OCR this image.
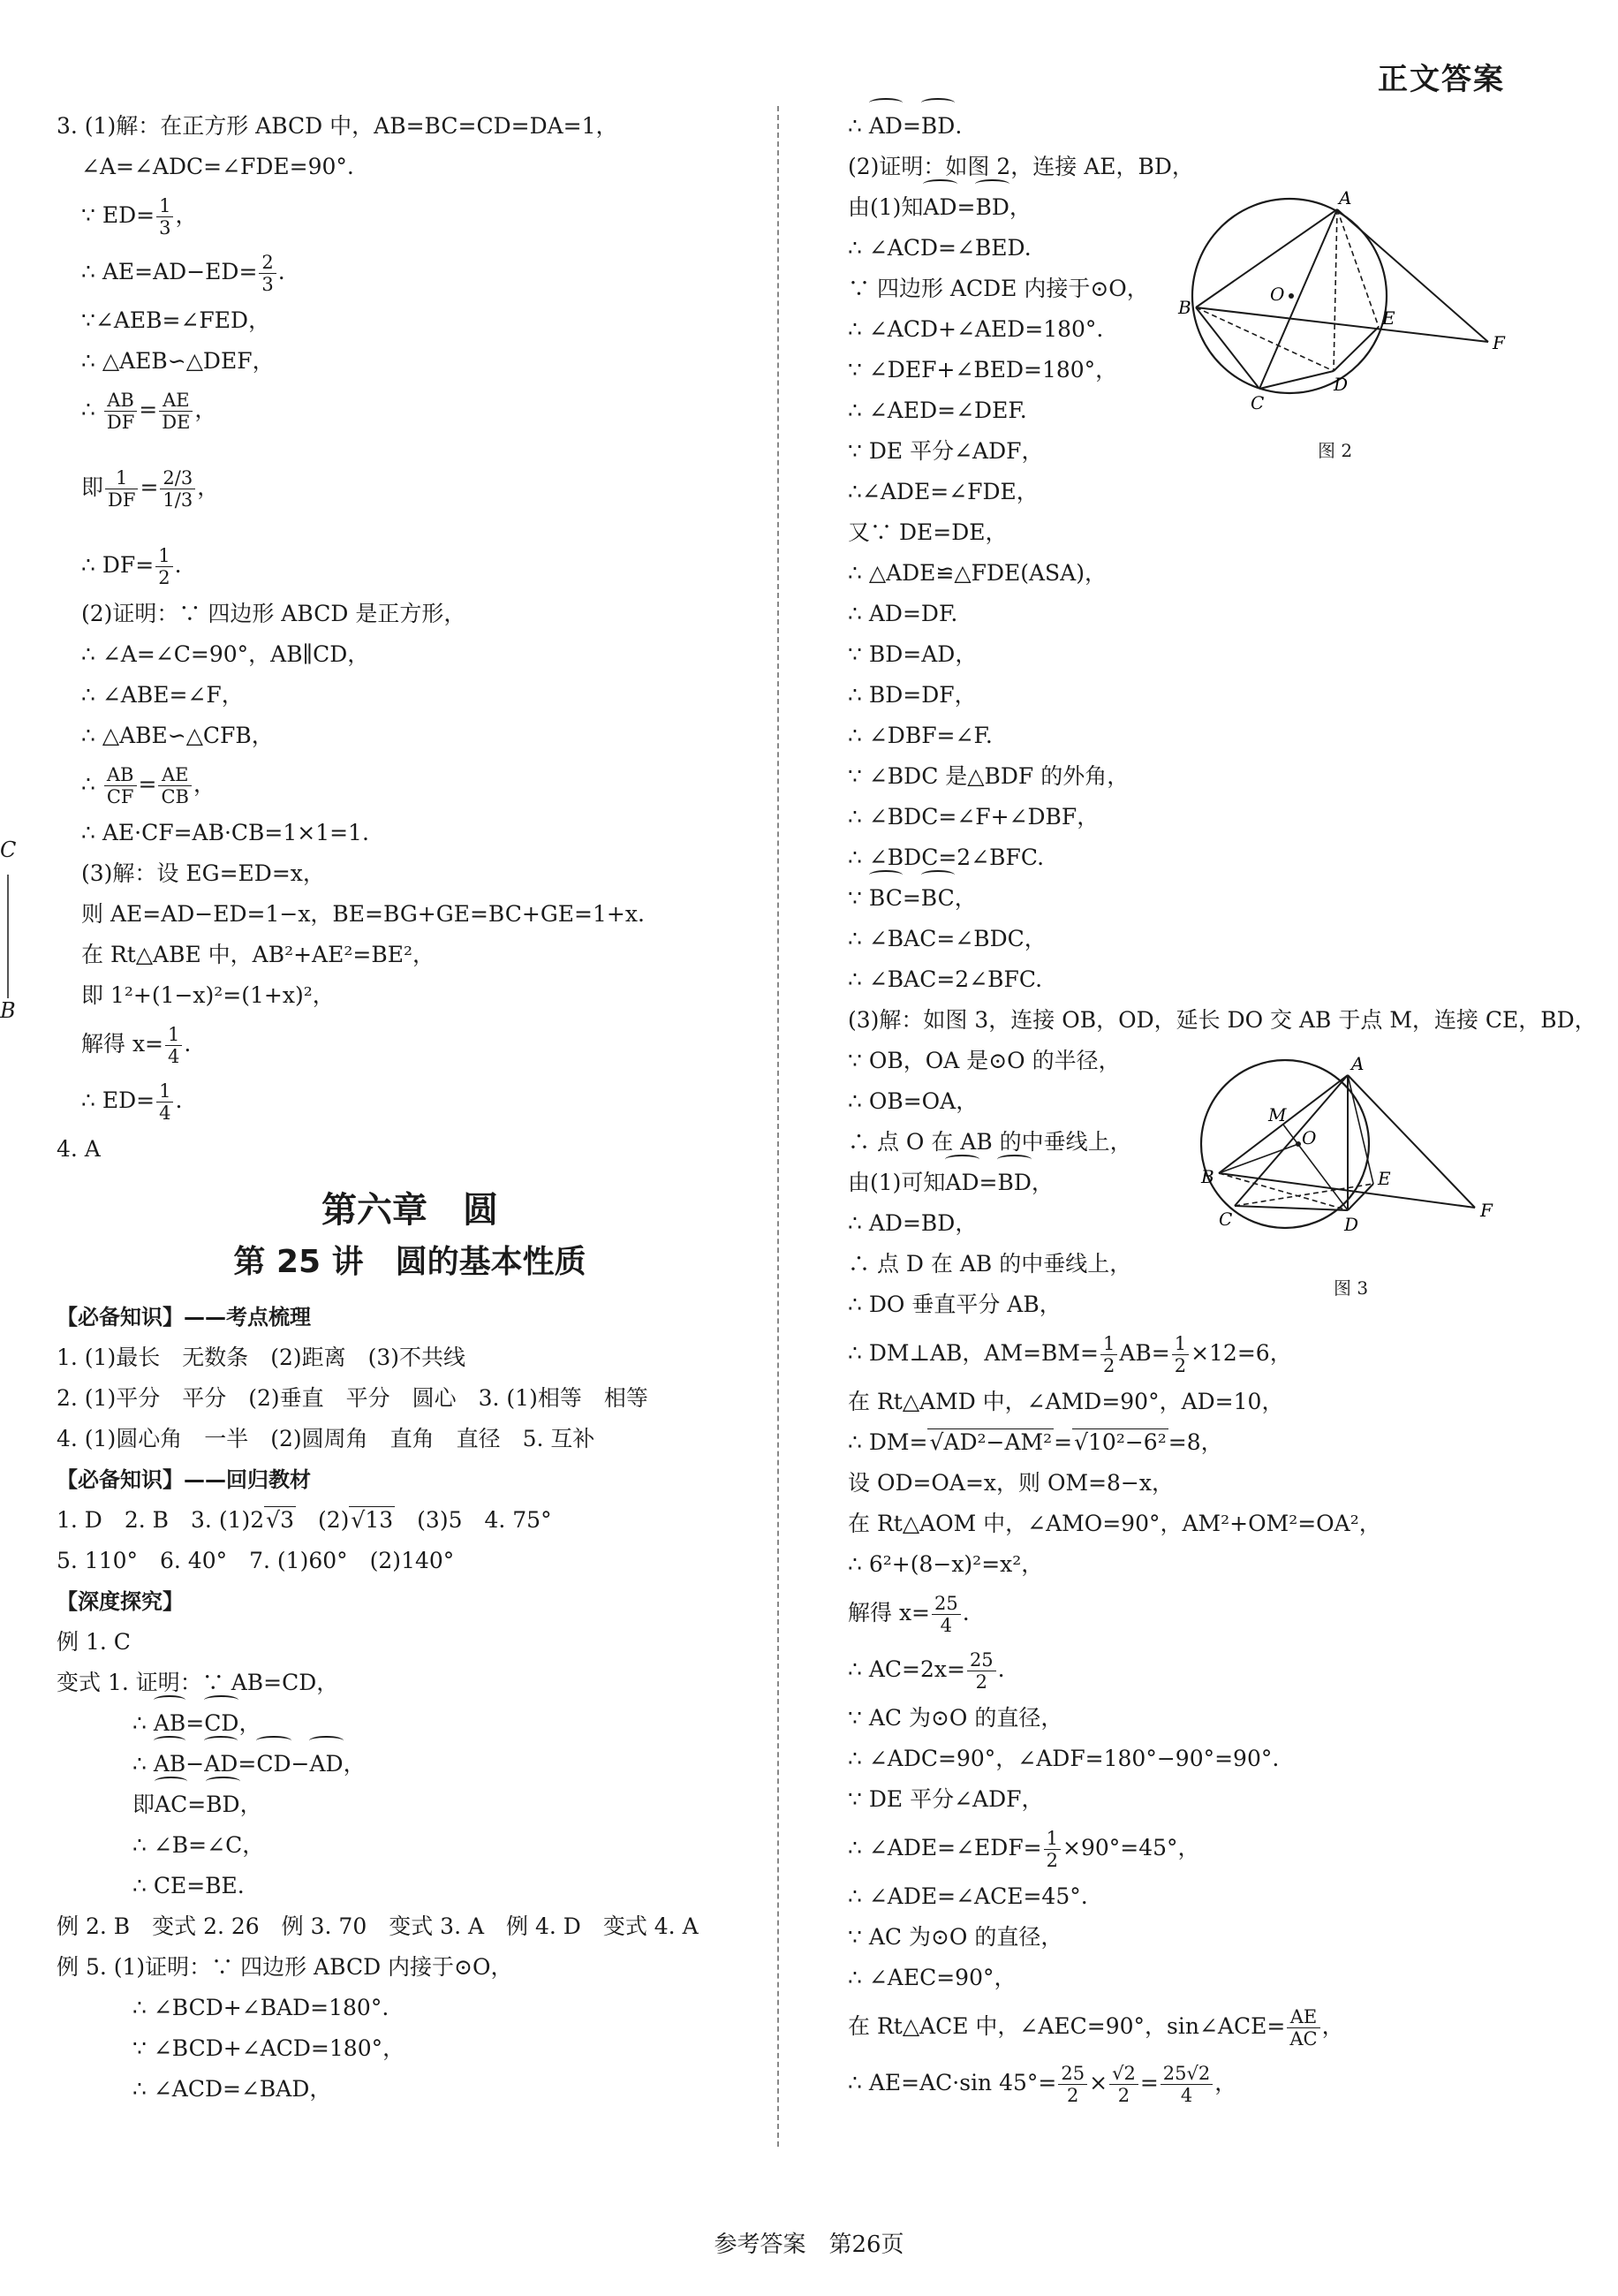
正文答案
C
B
3. (1)解：在正方形 ABCD 中，AB=BC=CD=DA=1，
∠A=∠ADC=∠FDE=90°.
∵ $ED= \frac{1}{3}$ ，
∴ $AE=AD-ED= \frac{2}{3}$ .
∵∠AEB=∠FED，
∴ △AEB∽△DEF，
∴ $\frac{AB}{DF} = \frac{AE}{DE}$ ，
即 $\frac{1}{DF} = \frac{2/3}{1/3}$ ，
∴ $DF= \frac{1}{2}$ .
(2)证明：∵ 四边形 ABCD 是正方形，
∴ ∠A=∠C=90°，AB∥CD，
∴ ∠ABE=∠F，
∴ △ABE∽△CFB，
∴ $\frac{AB}{CF} = \frac{AE}{CB}$ ，
∴ AE·CF=AB·CB=1×1=1.
(3)解：设 EG=ED=x，
则 AE=AD−ED=1−x，BE=BG+GE=BC+GE=1+x.
在 Rt△ABE 中，AB²+AE²=BE²，
即 1²+(1−x)²=(1+x)²，
解得 $x= \frac{1}{4}$ .
∴ $ED= \frac{1}{4}$ .
4. A
第六章　圆
第 25 讲　圆的基本性质
【必备知识】——考点梳理
1. (1)最长　无数条　(2)距离　(3)不共线
2. (1)平分　平分　(2)垂直　平分　圆心　3. (1)相等　相等
4. (1)圆心角　一半　(2)圆周角　直角　直径　5. 互补
【必备知识】——回归教材
1. D　2. B　3. (1)2√3　(2)√13　(3)5　4. 75°
5. 110°　6. 40°　7. (1)60°　(2)140°
【深度探究】
例 1. C
变式 1. 证明：∵ AB=CD，
∴ AB=CD，
∴ AB−AD=CD−AD，
即AC=BD，
∴ ∠B=∠C，
∴ CE=BE.
例 2. B　变式 2. 26　例 3. 70　变式 3. A　例 4. D　变式 4. A
例 5. (1)证明：∵ 四边形 ABCD 内接于⊙O，
∴ ∠BCD+∠BAD=180°.
∵ ∠BCD+∠ACD=180°，
∴ ∠ACD=∠BAD，
∴ AD=BD.
(2)证明：如图 2，连接 AE，BD，
由(1)知AD=BD，
∴ ∠ACD=∠BED.
∵ 四边形 ACDE 内接于⊙O，
∴ ∠ACD+∠AED=180°.
∵ ∠DEF+∠BED=180°，
∴ ∠AED=∠DEF.
∵ DE 平分∠ADF，
∴∠ADE=∠FDE，
又∵ DE=DE，
∴ △ADE≌△FDE(ASA)，
∴ AD=DF.
∵ BD=AD，
∴ BD=DF，
∴ ∠DBF=∠F.
∵ ∠BDC 是△BDF 的外角，
∴ ∠BDC=∠F+∠DBF，
∴ ∠BDC=2∠BFC.
∵ BC=BC，
∴ ∠BAC=∠BDC，
∴ ∠BAC=2∠BFC.
(3)解：如图 3，连接 OB，OD，延长 DO 交 AB 于点 M，连接 CE，BD，
∵ OB，OA 是⊙O 的半径，
∴ OB=OA，
∴ 点 O 在 AB 的中垂线上，
由(1)可知AD=BD，
∴ AD=BD，
∴ 点 D 在 AB 的中垂线上，
∴ DO 垂直平分 AB，
∴ DM⊥AB，$AM=BM= \frac{1}{2} AB= \frac{1}{2} \times 12=6$，
在 Rt△AMD 中，∠AMD=90°，AD=10，
∴ DM=√AD²−AM²=√10²−6²=8，
设 OD=OA=x，则 OM=8−x，
在 Rt△AOM 中，∠AMO=90°，AM²+OM²=OA²，
∴ 6²+(8−x)²=x²，
解得 $x= \frac{25}{4}$ .
∴ $AC=2x= \frac{25}{2}$ .
∵ AC 为⊙O 的直径，
∴ ∠ADC=90°，∠ADF=180°−90°=90°.
∵ DE 平分∠ADF，
∴ ∠ADE=∠EDF= $\frac{1}{2} \times 90^\circ=45^\circ$，
∴ ∠ADE=∠ACE=45°.
∵ AC 为⊙O 的直径，
∴ ∠AEC=90°，
在 Rt△ACE 中，∠AEC=90°，sin∠ACE= $\frac{AE}{AC}$ ，
∴ AE=AC·sin $45^\circ= \frac{25}{2} \times \frac{√2}{2} = \frac{25√2}{4}$ ，
A
B
C
D
E
F
O
图 2
A
B
C	D
E
F
O
M
图 3
参考答案　第26页
